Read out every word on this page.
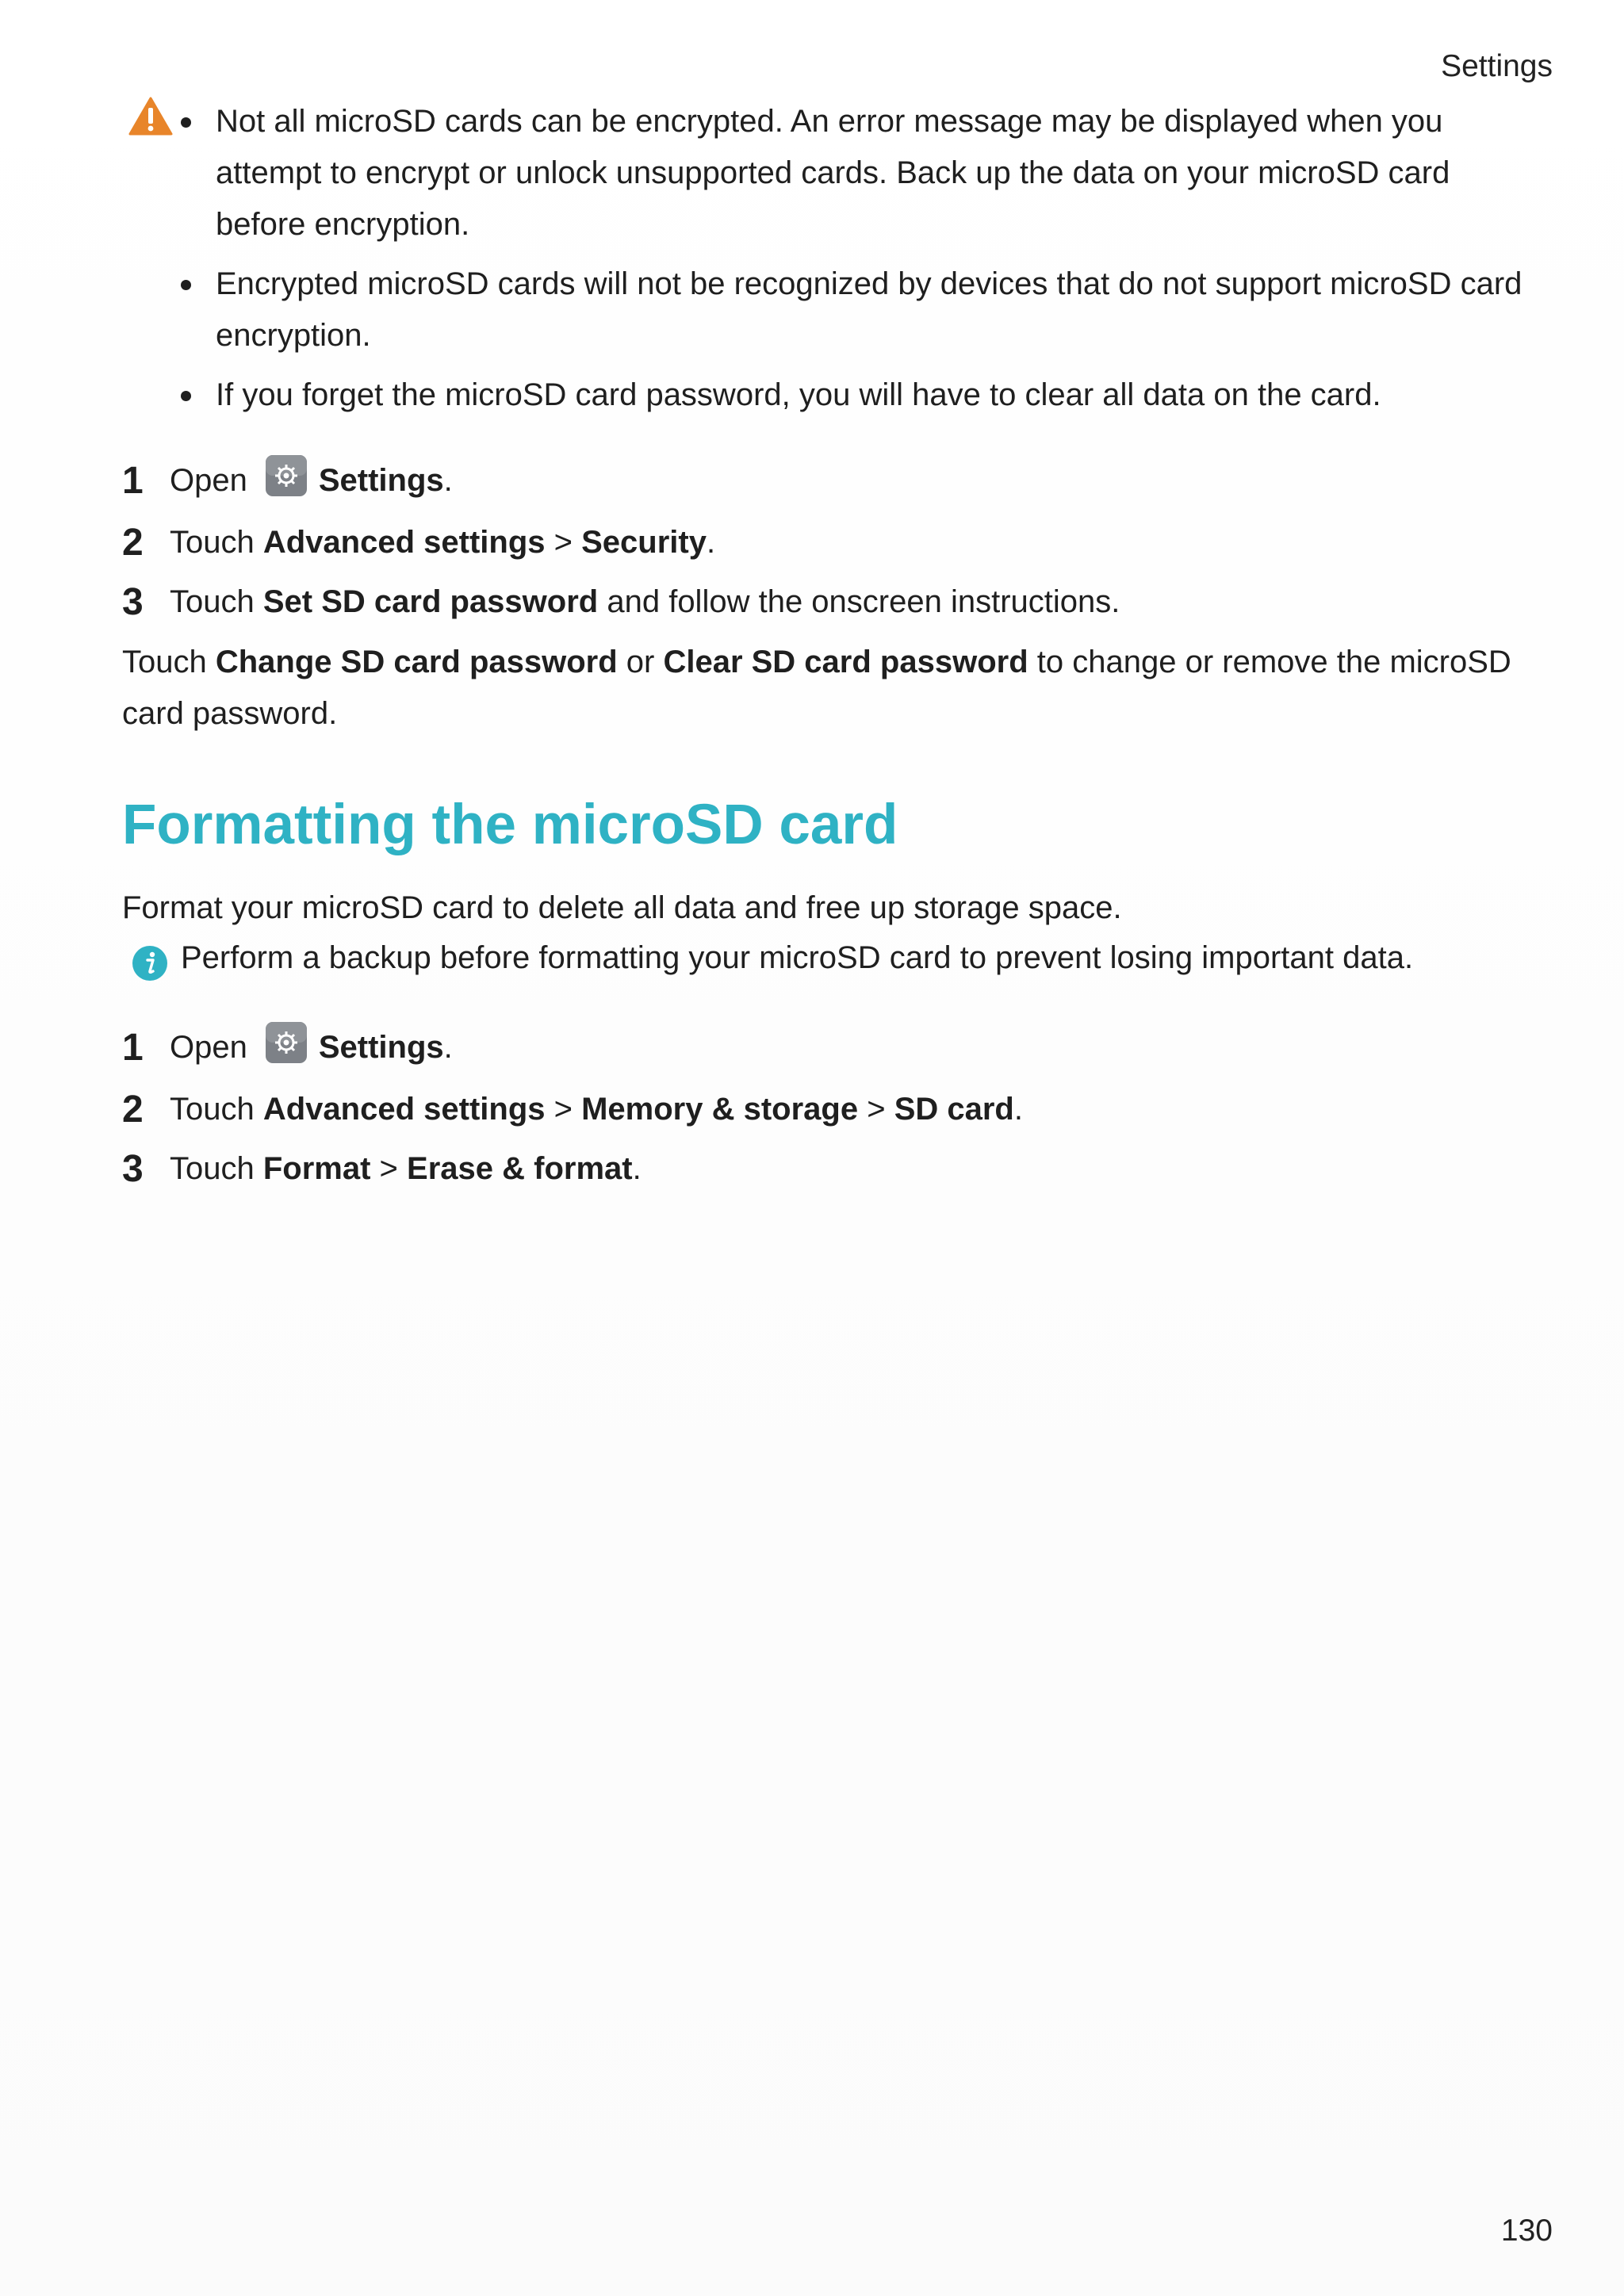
Settings
Not all microSD cards can be encrypted. An error message may be displayed when you attempt to encrypt or unlock unsupported cards. Back up the data on your microSD card before encryption.
Encrypted microSD cards will not be recognized by devices that do not support microSD card encryption.
If you forget the microSD card password, you will have to clear all data on the card.
1 Open Settings .
2 Touch Advanced settings > Security .
3 Touch Set SD card password and follow the onscreen instructions.
Touch Change SD card password or Clear SD card password to change or remove the microSD card password.
Formatting the microSD card
Format your microSD card to delete all data and free up storage space.
Perform a backup before formatting your microSD card to prevent losing important data.
1 Open Settings .
2 Touch Advanced settings > Memory & storage > SD card .
3 Touch Format > Erase & format .
130
